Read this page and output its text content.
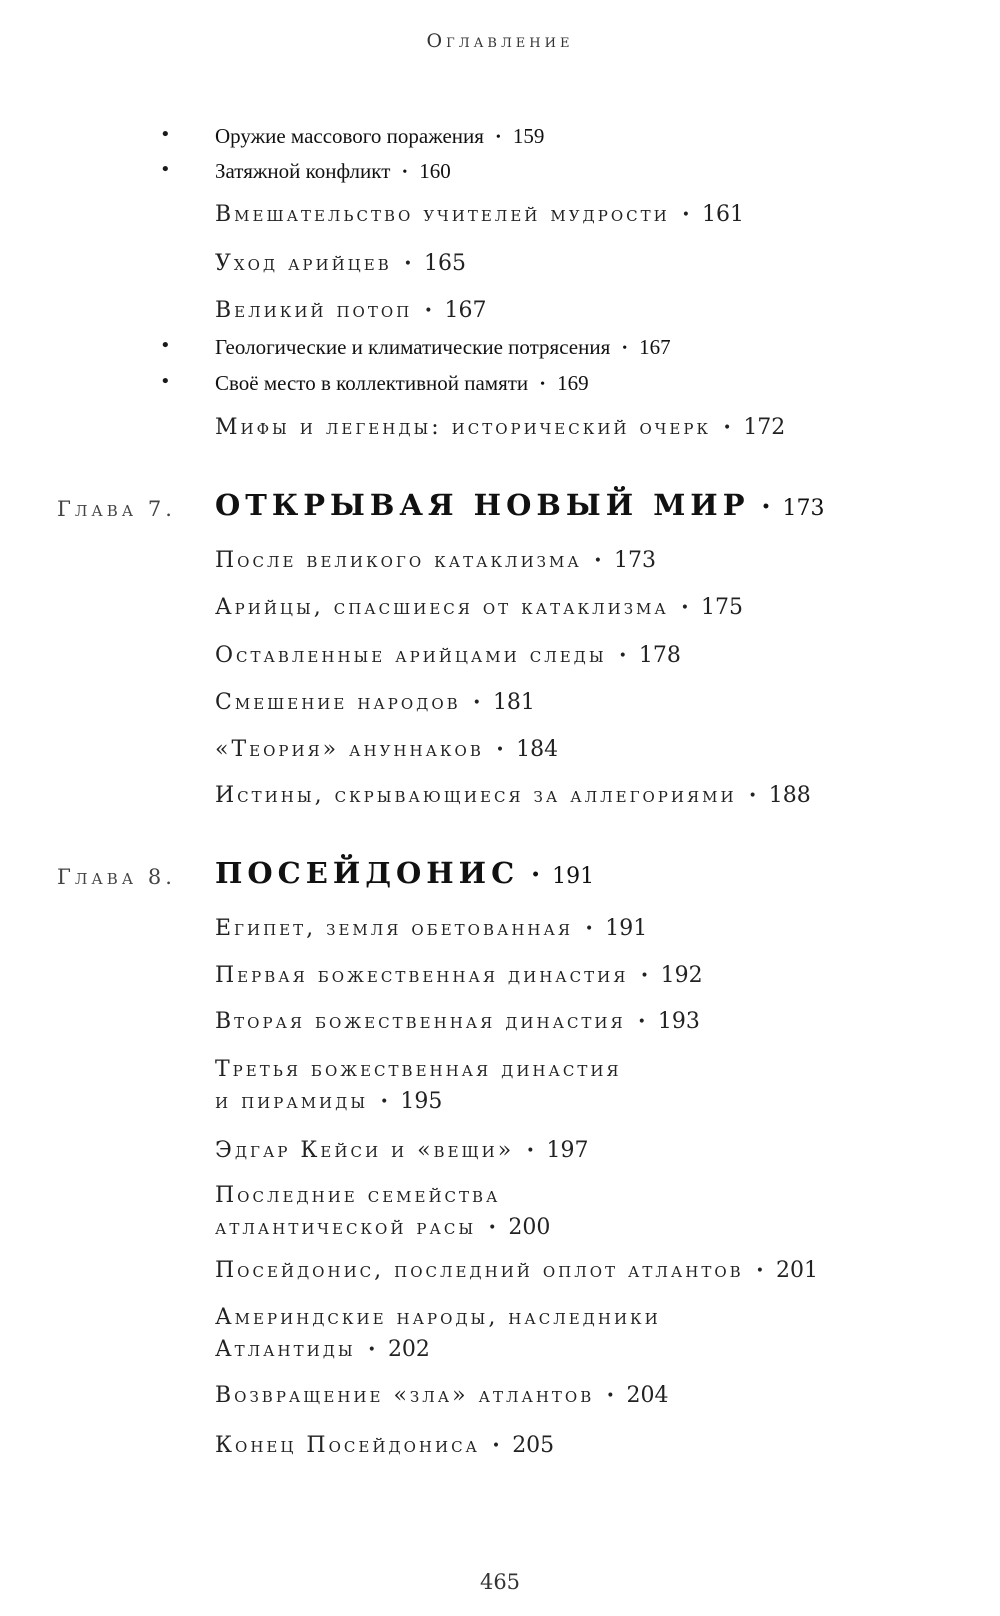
Оглавление
• Оружие массового поражения • 159
• Затяжной конфликт • 160
Вмешательство учителей мудрости • 161
Уход арийцев • 165
Великий потоп • 167
• Геологические и климатические потрясения • 167
• Своё место в коллективной памяти • 169
Мифы и легенды: исторический очерк • 172
Глава 7. ОТКРЫВАЯ НОВЫЙ МИР • 173
После великого катаклизма • 173
Арийцы, спасшиеся от катаклизма • 175
Оставленные арийцами следы • 178
Смешение народов • 181
«Теория» ануннаков • 184
Истины, скрывающиеся за аллегориями • 188
Глава 8. ПОСЕЙДОНИС • 191
Египет, земля обетованная • 191
Первая божественная династия • 192
Вторая божественная династия • 193
Третья божественная династия
и пирамиды • 195
Эдгар Кейси и «вещи» • 197
Последние семейства
атлантической расы • 200
Посейдонис, последний оплот атлантов • 201
Америндские народы, наследники
Атлантиды • 202
Возвращение «зла» атлантов • 204
Конец Посейдониса • 205
465
